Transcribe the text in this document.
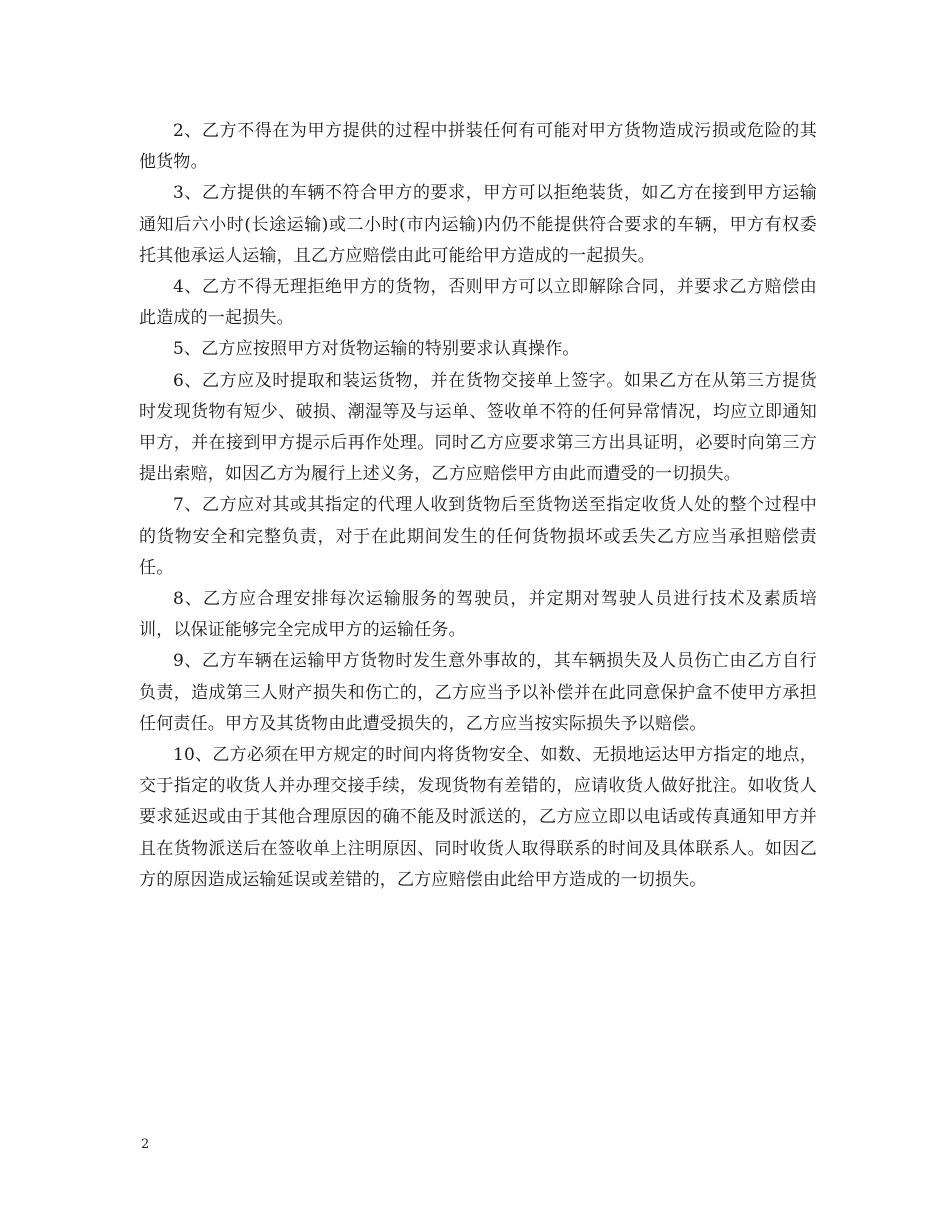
2、乙方不得在为甲方提供的过程中拼装任何有可能对甲方货物造成污损或危险的其他货物。

3、乙方提供的车辆不符合甲方的要求，甲方可以拒绝装货，如乙方在接到甲方运输通知后六小时(长途运输)或二小时(市内运输)内仍不能提供符合要求的车辆，甲方有权委托其他承运人运输，且乙方应赔偿由此可能给甲方造成的一起损失。

4、乙方不得无理拒绝甲方的货物，否则甲方可以立即解除合同，并要求乙方赔偿由此造成的一起损失。

5、乙方应按照甲方对货物运输的特别要求认真操作。

6、乙方应及时提取和装运货物，并在货物交接单上签字。如果乙方在从第三方提货时发现货物有短少、破损、潮湿等及与运单、签收单不符的任何异常情况，均应立即通知甲方，并在接到甲方提示后再作处理。同时乙方应要求第三方出具证明，必要时向第三方提出索赔，如因乙方为履行上述义务，乙方应赔偿甲方由此而遭受的一切损失。

7、乙方应对其或其指定的代理人收到货物后至货物送至指定收货人处的整个过程中的货物安全和完整负责，对于在此期间发生的任何货物损坏或丢失乙方应当承担赔偿责任。

8、乙方应合理安排每次运输服务的驾驶员，并定期对驾驶人员进行技术及素质培训，以保证能够完全完成甲方的运输任务。

9、乙方车辆在运输甲方货物时发生意外事故的，其车辆损失及人员伤亡由乙方自行负责，造成第三人财产损失和伤亡的，乙方应当予以补偿并在此同意保护盒不使甲方承担任何责任。甲方及其货物由此遭受损失的，乙方应当按实际损失予以赔偿。

10、乙方必须在甲方规定的时间内将货物安全、如数、无损地运达甲方指定的地点，交于指定的收货人并办理交接手续，发现货物有差错的，应请收货人做好批注。如收货人要求延迟或由于其他合理原因的确不能及时派送的，乙方应立即以电话或传真通知甲方并且在货物派送后在签收单上注明原因、同时收货人取得联系的时间及具体联系人。如因乙方的原因造成运输延误或差错的，乙方应赔偿由此给甲方造成的一切损失。

2
